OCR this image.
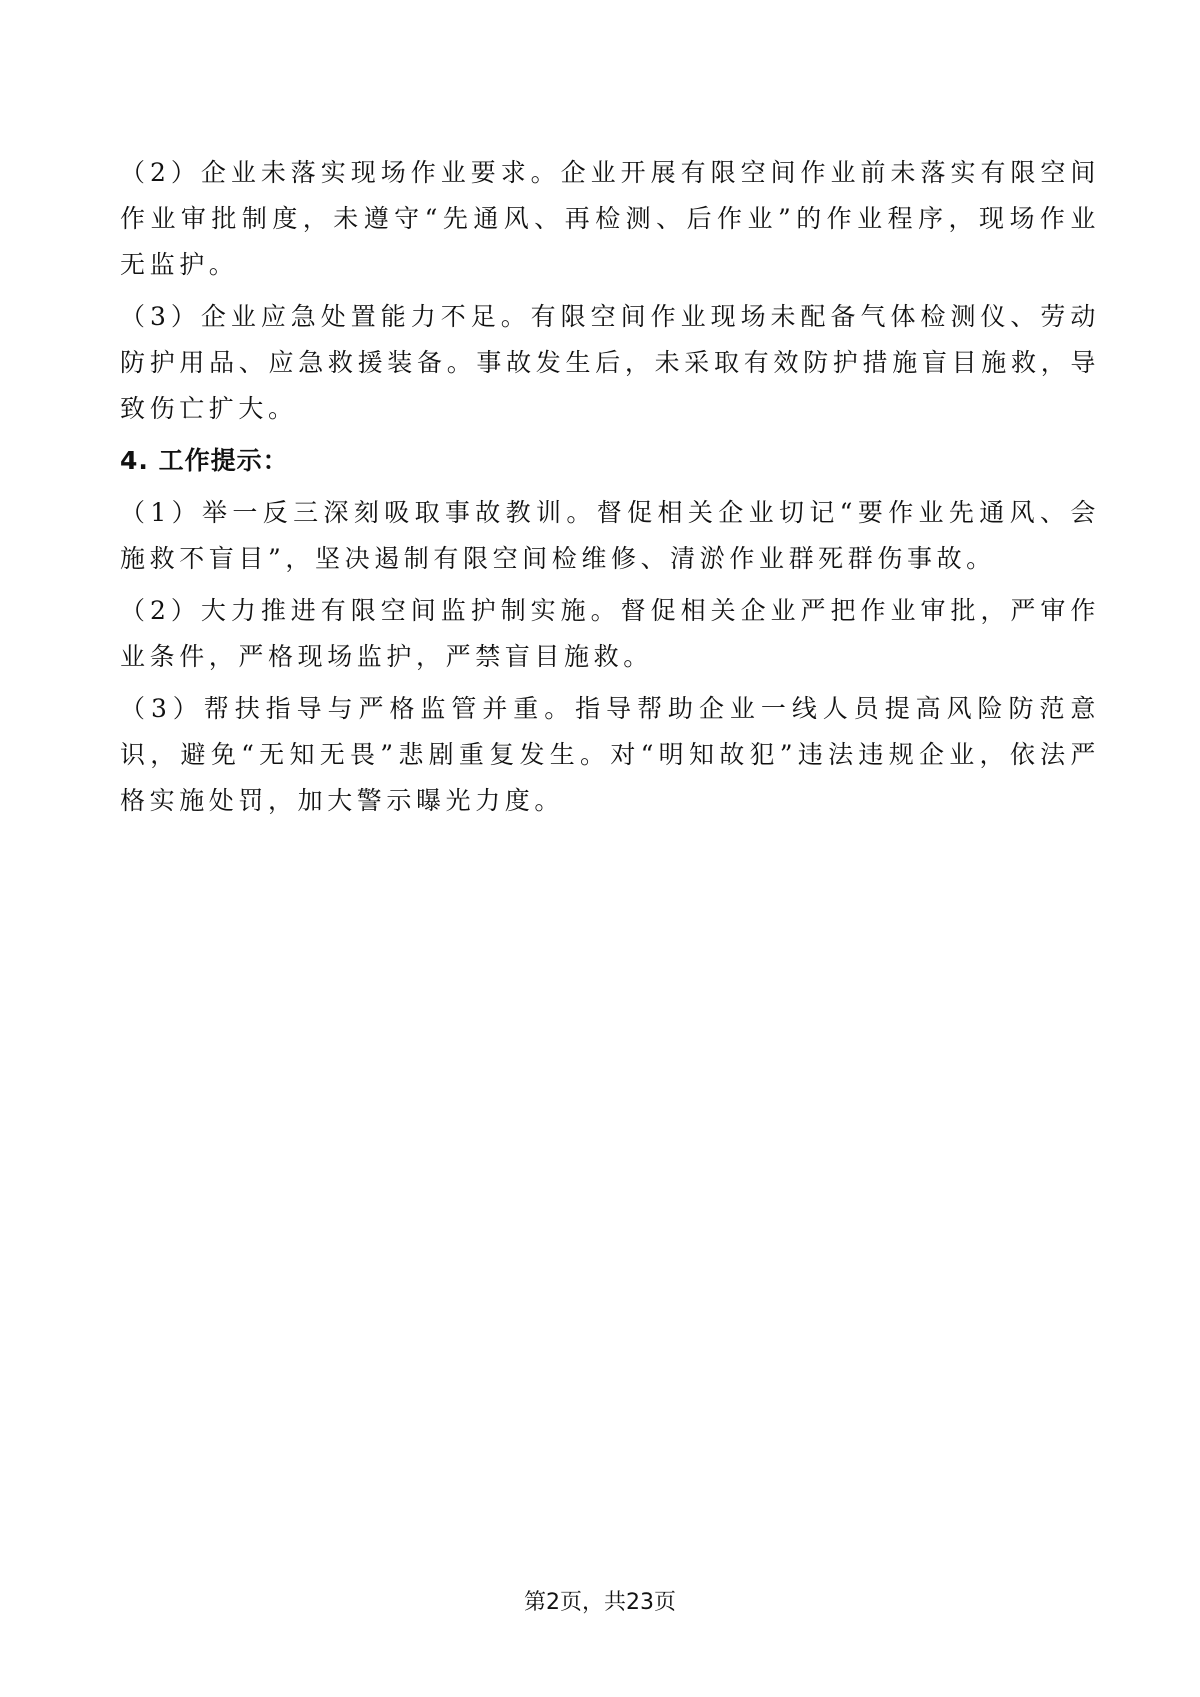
（2）企业未落实现场作业要求。企业开展有限空间作业前未落实有限空间作业审批制度，未遵守“先通风、再检测、后作业”的作业程序，现场作业无监护。

（3）企业应急处置能力不足。有限空间作业现场未配备气体检测仪、劳动防护用品、应急救援装备。事故发生后，未采取有效防护措施盲目施救，导致伤亡扩大。

4. 工作提示：

（1）举一反三深刻吸取事故教训。督促相关企业切记“要作业先通风、会施救不盲目”，坚决遏制有限空间检维修、清淤作业群死群伤事故。

（2）大力推进有限空间监护制实施。督促相关企业严把作业审批，严审作业条件，严格现场监护，严禁盲目施救。

（3）帮扶指导与严格监管并重。指导帮助企业一线人员提高风险防范意识，避免“无知无畏”悲剧重复发生。对“明知故犯”违法违规企业，依法严格实施处罚，加大警示曝光力度。

第2页，共23页
